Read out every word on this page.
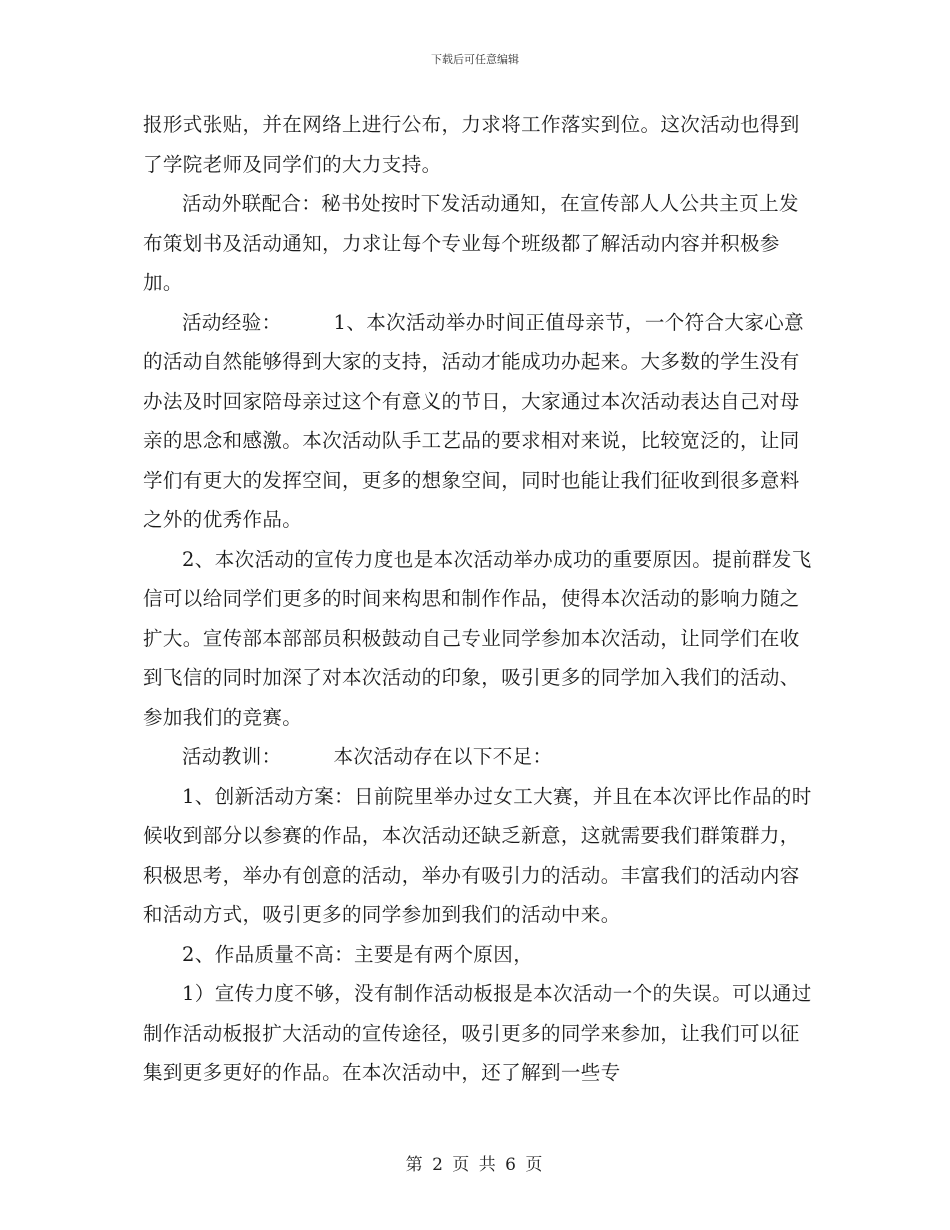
下载后可任意编辑

报形式张贴，并在网络上进行公布，力求将工作落实到位。这次活动也得到了学院老师及同学们的大力支持。

活动外联配合：秘书处按时下发活动通知，在宣传部人人公共主页上发布策划书及活动通知，力求让每个专业每个班级都了解活动内容并积极参加。

活动经验：	1、本次活动举办时间正值母亲节，一个符合大家心意的活动自然能够得到大家的支持，活动才能成功办起来。大多数的学生没有办法及时回家陪母亲过这个有意义的节日，大家通过本次活动表达自己对母亲的思念和感激。本次活动队手工艺品的要求相对来说，比较宽泛的，让同学们有更大的发挥空间，更多的想象空间，同时也能让我们征收到很多意料之外的优秀作品。

2、本次活动的宣传力度也是本次活动举办成功的重要原因。提前群发飞信可以给同学们更多的时间来构思和制作作品，使得本次活动的影响力随之扩大。宣传部本部部员积极鼓动自己专业同学参加本次活动，让同学们在收到飞信的同时加深了对本次活动的印象，吸引更多的同学加入我们的活动、参加我们的竞赛。

活动教训：	本次活动存在以下不足：

1、创新活动方案：日前院里举办过女工大赛，并且在本次评比作品的时候收到部分以参赛的作品，本次活动还缺乏新意，这就需要我们群策群力，积极思考，举办有创意的活动，举办有吸引力的活动。丰富我们的活动内容和活动方式，吸引更多的同学参加到我们的活动中来。

2、作品质量不高：主要是有两个原因，

1）宣传力度不够，没有制作活动板报是本次活动一个的失误。可以通过制作活动板报扩大活动的宣传途径，吸引更多的同学来参加，让我们可以征集到更多更好的作品。在本次活动中，还了解到一些专

第 2 页 共 6 页
